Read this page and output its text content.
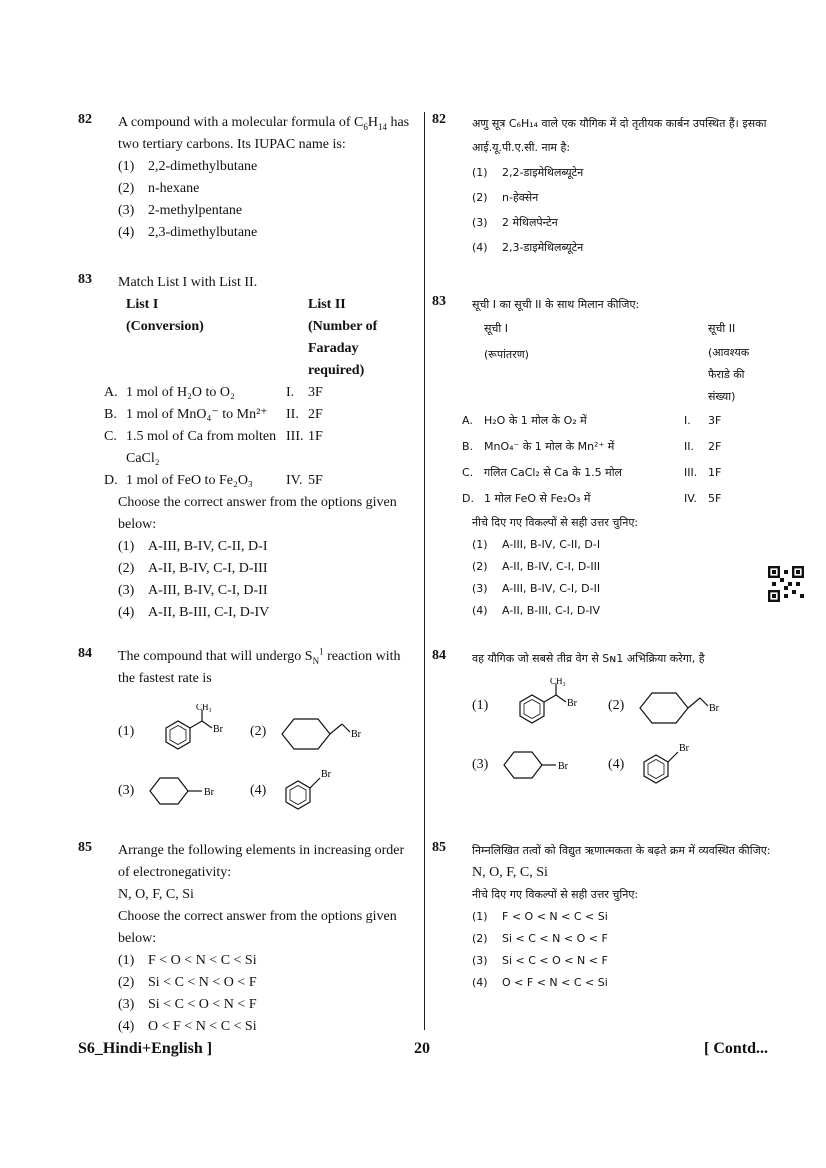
82 A compound with a molecular formula of $C_6H_{14}$ has two tertiary carbons. Its IUPAC name is:
(1) 2,2-dimethylbutane
(2) n-hexane
(3) 2-methylpentane
(4) 2,3-dimethylbutane
83 Match List I with List II.
List I	List II
(Conversion)	(Number of
Faraday required)
A. 1 mol of H₂O to O₂	I. 3F
B. 1 mol of MnO₄⁻ to Mn²⁺	II. 2F
C. 1.5 mol of Ca from molten CaCl₂
III. 1F
D. 1 mol of FeO to Fe₂O₃	IV. 5F
Choose the correct answer from the options given below:
(1) A-III, B-IV, C-II, D-I
(2) A-II, B-IV, C-I, D-III
(3) A-III, B-IV, C-I, D-II
(4) A-II, B-III, C-I, D-IV
84 The compound that will undergo $S_N^1$ reaction with the fastest rate is
(1)
CH₃
Br (2)	Br
(3)	Br	(4)
Br
85 Arrange the following elements in increasing order of electronegativity:
N, O, F, C, Si
Choose the correct answer from the options given below:
(1) F < O < N < C < Si
(2) Si < C < N < O < F
(3) Si < C < O < N < F
(4) O < F < N < C < Si
82 अणु सूत्र C₆H₁₄ वाले एक यौगिक में दो तृतीयक कार्बन उपस्थित हैं। इसका आई.यू.पी.ए.सी. नाम है:
(1)	2,2-डाइमेथिलब्यूटेन
(2)	n-हेक्सेन
(3)	2 मेथिलपेन्टेन
(4)	2,3-डाइमेथिलब्यूटेन
83 सूची I का सूची II के साथ मिलान कीजिए:
सूची I	सूची II
(रूपांतरण)	(आवश्यक फैराडे की संख्या)
A.	H₂O के 1 मोल के O₂ में	I.	3F
B. MnO₄⁻ के 1 मोल के Mn²⁺ में	II.	2F
C. गलित CaCl₂ से Ca के 1.5 मोल	III. 1F
D. 1 मोल FeO से Fe₂O₃ में	IV.	5F
नीचे दिए गए विकल्पों से सही उत्तर चुनिए:
(1)	A-III, B-IV, C-II, D-I
(2)	A-II, B-IV, C-I, D-III
(3)	A-III, B-IV, C-I, D-II
(4)	A-II, B-III, C-I, D-IV
84 वह यौगिक जो सबसे तीव्र वेग से Sɴ1 अभिक्रिया करेगा, है
(1)
CH₃
Br (2)	Br
(3)	Br	(4)
Br
85 निम्नलिखित तत्वों को विद्युत ऋणात्मकता के बढ़ते क्रम में व्यवस्थित कीजिए:
N, O, F, C, Si
नीचे दिए गए विकल्पों से सही उत्तर चुनिए:
(1)	F < O < N < C < Si
(2)	Si < C < N < O < F
(3)	Si < C < O < N < F
(4)	O < F < N < C < Si
S6_Hindi+English ]	20	[ Contd...
